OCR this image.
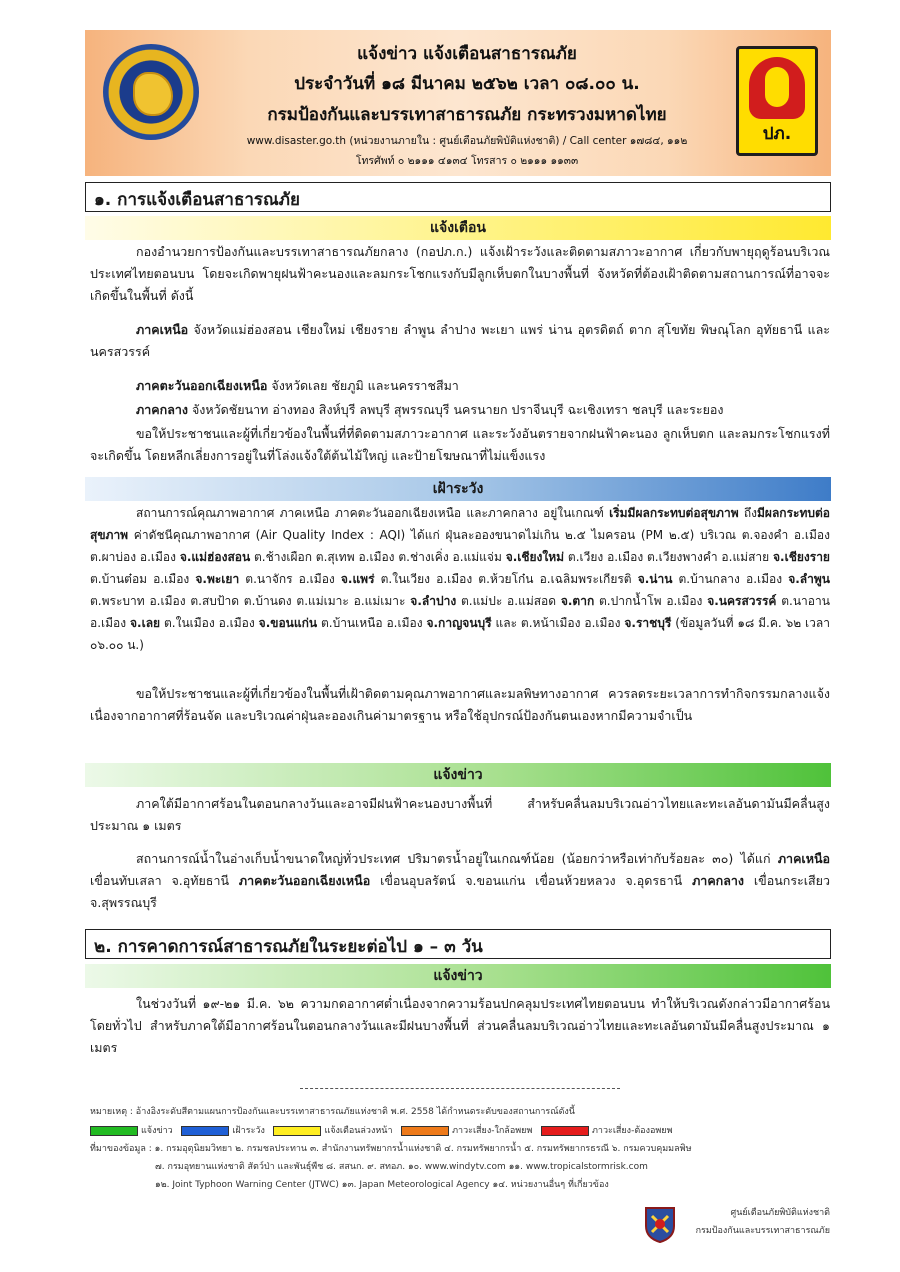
ปภ.
แจ้งข่าว แจ้งเตือนสาธารณภัย
ประจำวันที่ ๑๘ มีนาคม ๒๕๖๒ เวลา ๐๘.๐๐ น.
กรมป้องกันและบรรเทาสาธารณภัย กระทรวงมหาดไทย
www.disaster.go.th (หน่วยงานภายใน : ศูนย์เตือนภัยพิบัติแห่งชาติ) / Call center ๑๗๘๔, ๑๑๒
โทรศัพท์ ๐ ๒๑๑๑ ๔๑๓๔ โทรสาร ๐ ๒๑๑๑ ๑๑๓๓
๑. การแจ้งเตือนสาธารณภัย
แจ้งเตือน
กองอำนวยการป้องกันและบรรเทาสาธารณภัยกลาง (กอปภ.ก.) แจ้งเฝ้าระวังและติดตามสภาวะอากาศ เกี่ยวกับพายุฤดูร้อนบริเวณประเทศไทยตอนบน โดยจะเกิดพายุฝนฟ้าคะนองและลมกระโชกแรงกับมีลูกเห็บตกในบางพื้นที่ จังหวัดที่ต้องเฝ้าติดตามสถานการณ์ที่อาจจะเกิดขึ้นในพื้นที่ ดังนี้
ภาคเหนือ จังหวัดแม่ฮ่องสอน เชียงใหม่ เชียงราย ลำพูน ลำปาง พะเยา แพร่ น่าน อุตรดิตถ์ ตาก สุโขทัย พิษณุโลก อุทัยธานี และนครสวรรค์
ภาคตะวันออกเฉียงเหนือ จังหวัดเลย ชัยภูมิ และนครราชสีมา
ภาคกลาง จังหวัดชัยนาท อ่างทอง สิงห์บุรี ลพบุรี สุพรรณบุรี นครนายก ปราจีนบุรี ฉะเชิงเทรา ชลบุรี และระยอง
ขอให้ประชาชนและผู้ที่เกี่ยวข้องในพื้นที่ที่ติดตามสภาวะอากาศ และระวังอันตรายจากฝนฟ้าคะนอง ลูกเห็บตก และลมกระโชกแรงที่จะเกิดขึ้น โดยหลีกเลี่ยงการอยู่ในที่โล่งแจ้งใต้ต้นไม้ใหญ่ และป้ายโฆษณาที่ไม่แข็งแรง
เฝ้าระวัง
สถานการณ์คุณภาพอากาศ ภาคเหนือ ภาคตะวันออกเฉียงเหนือ และภาคกลาง อยู่ในเกณฑ์ เริ่มมีผลกระทบต่อสุขภาพ ถึงมีผลกระทบต่อสุขภาพ ค่าดัชนีคุณภาพอากาศ (Air Quality Index : AQI) ได้แก่ ฝุ่นละอองขนาดไม่เกิน ๒.๕ ไมครอน (PM ๒.๕) บริเวณ ต.จองคำ อ.เมือง ต.ผาบ่อง อ.เมือง จ.แม่ฮ่องสอน ต.ช้างเผือก ต.สุเทพ อ.เมือง ต.ช่างเคิ่ง อ.แม่แจ่ม จ.เชียงใหม่ ต.เวียง อ.เมือง ต.เวียงพางคำ อ.แม่สาย จ.เชียงราย ต.บ้านต๋อม อ.เมือง จ.พะเยา ต.นาจักร อ.เมือง จ.แพร่ ต.ในเวียง อ.เมือง ต.ห้วยโก๋น อ.เฉลิมพระเกียรติ จ.น่าน ต.บ้านกลาง อ.เมือง จ.ลำพูน ต.พระบาท อ.เมือง ต.สบป้าด ต.บ้านดง ต.แม่เมาะ อ.แม่เมาะ จ.ลำปาง ต.แม่ปะ อ.แม่สอด จ.ตาก ต.ปากน้ำโพ อ.เมือง จ.นครสวรรค์ ต.นาอาน อ.เมือง จ.เลย ต.ในเมือง อ.เมือง จ.ขอนแก่น ต.บ้านเหนือ อ.เมือง จ.กาญจนบุรี และ ต.หน้าเมือง อ.เมือง จ.ราชบุรี (ข้อมูลวันที่ ๑๘ มี.ค. ๖๒ เวลา ๐๖.๐๐ น.)
ขอให้ประชาชนและผู้ที่เกี่ยวข้องในพื้นที่เฝ้าติดตามคุณภาพอากาศและมลพิษทางอากาศ ควรลดระยะเวลาการทำกิจกรรมกลางแจ้ง เนื่องจากอากาศที่ร้อนจัด และบริเวณค่าฝุ่นละอองเกินค่ามาตรฐาน หรือใช้อุปกรณ์ป้องกันตนเองหากมีความจำเป็น
แจ้งข่าว
ภาคใต้มีอากาศร้อนในตอนกลางวันและอาจมีฝนฟ้าคะนองบางพื้นที่ สำหรับคลื่นลมบริเวณอ่าวไทยและทะเลอันดามันมีคลื่นสูงประมาณ ๑ เมตร
สถานการณ์น้ำในอ่างเก็บน้ำขนาดใหญ่ทั่วประเทศ ปริมาตรน้ำอยู่ในเกณฑ์น้อย (น้อยกว่าหรือเท่ากับร้อยละ ๓๐) ได้แก่ ภาคเหนือ เขื่อนทับเสลา จ.อุทัยธานี ภาคตะวันออกเฉียงเหนือ เขื่อนอุบลรัตน์ จ.ขอนแก่น เขื่อนห้วยหลวง จ.อุดรธานี ภาคกลาง เขื่อนกระเสียว จ.สุพรรณบุรี
๒. การคาดการณ์สาธารณภัยในระยะต่อไป ๑ – ๓ วัน
แจ้งข่าว
ในช่วงวันที่ ๑๙-๒๑ มี.ค. ๖๒ ความกดอากาศต่ำเนื่องจากความร้อนปกคลุมประเทศไทยตอนบน ทำให้บริเวณดังกล่าวมีอากาศร้อนโดยทั่วไป สำหรับภาคใต้มีอากาศร้อนในตอนกลางวันและมีฝนบางพื้นที่ ส่วนคลื่นลมบริเวณอ่าวไทยและทะเลอันดามันมีคลื่นสูงประมาณ ๑ เมตร
หมายเหตุ : อ้างอิงระดับสีตามแผนการป้องกันและบรรเทาสาธารณภัยแห่งชาติ พ.ศ. 2558 ได้กำหนดระดับของสถานการณ์ดังนี้
แจ้งข่าว	เฝ้าระวัง	แจ้งเตือนล่วงหน้า	ภาวะเสี่ยง-ใกล้อพยพ	ภาวะเสี่ยง-ต้องอพยพ
ที่มาของข้อมูล : ๑. กรมอุตุนิยมวิทยา ๒. กรมชลประทาน ๓. สำนักงานทรัพยากรน้ำแห่งชาติ ๔. กรมทรัพยากรน้ำ ๕. กรมทรัพยากรธรณี ๖. กรมควบคุมมลพิษ
๗. กรมอุทยานแห่งชาติ สัตว์ป่า และพันธุ์พืช ๘. สสนก. ๙. สทอภ. ๑๐. www.windytv.com ๑๑. www.tropicalstormrisk.com
๑๒. Joint Typhoon Warning Center (JTWC) ๑๓. Japan Meteorological Agency ๑๔. หน่วยงานอื่นๆ ที่เกี่ยวข้อง
ศูนย์เตือนภัยพิบัติแห่งชาติ
กรมป้องกันและบรรเทาสาธารณภัย
